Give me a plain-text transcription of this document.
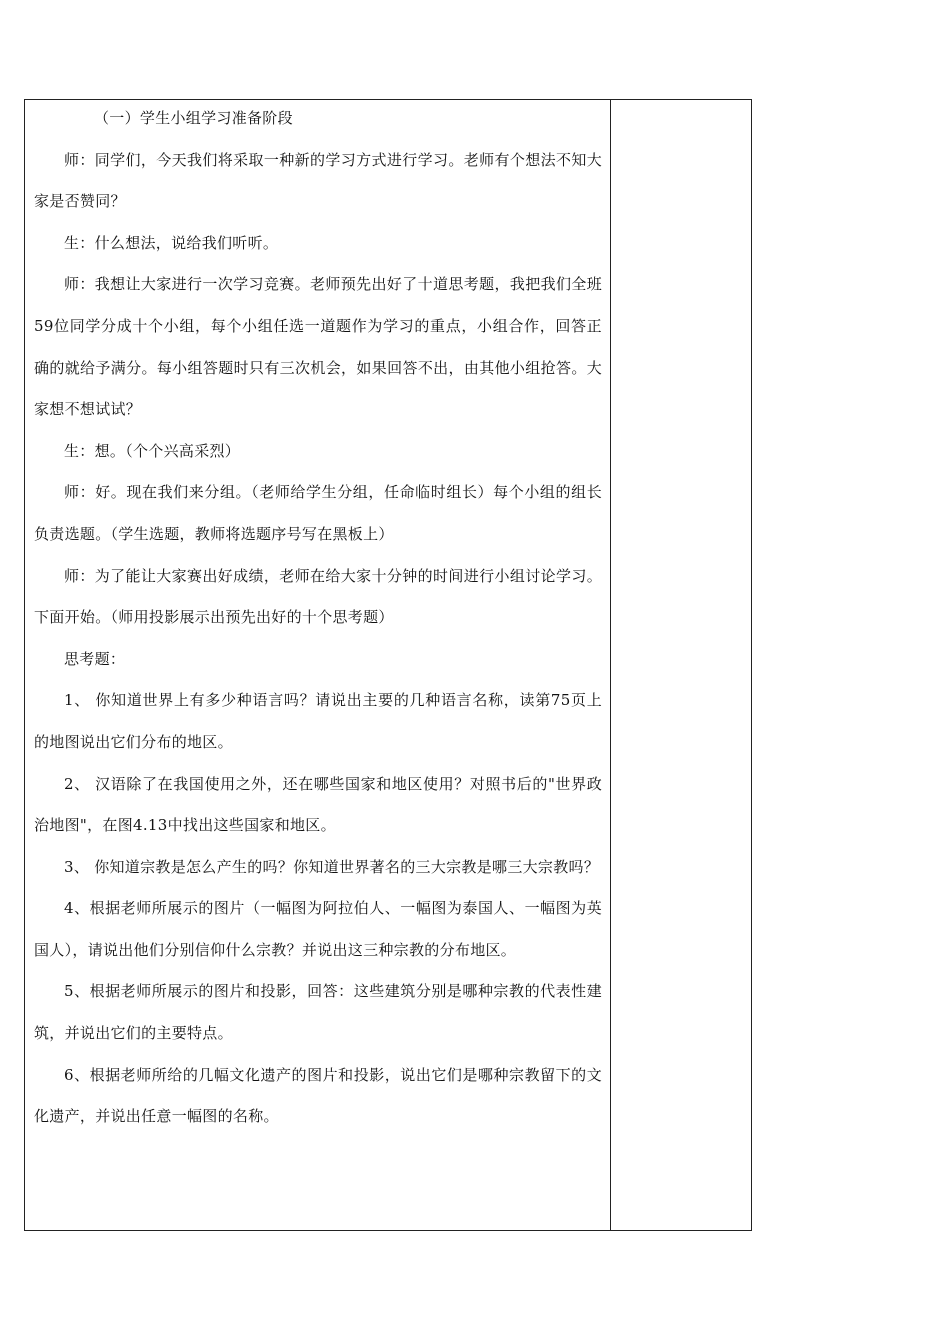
（一）学生小组学习准备阶段

师：同学们，今天我们将采取一种新的学习方式进行学习。老师有个想法不知大家是否赞同？

生：什么想法，说给我们听听。

师：我想让大家进行一次学习竞赛。老师预先出好了十道思考题，我把我们全班59位同学分成十个小组，每个小组任选一道题作为学习的重点，小组合作，回答正确的就给予满分。每小组答题时只有三次机会，如果回答不出，由其他小组抢答。大家想不想试试？

生：想。（个个兴高采烈）

师：好。现在我们来分组。（老师给学生分组，任命临时组长）每个小组的组长负责选题。（学生选题，教师将选题序号写在黑板上）

师：为了能让大家赛出好成绩，老师在给大家十分钟的时间进行小组讨论学习。下面开始。（师用投影展示出预先出好的十个思考题）

思考题：

1、 你知道世界上有多少种语言吗？请说出主要的几种语言名称，读第75页上的地图说出它们分布的地区。

2、 汉语除了在我国使用之外，还在哪些国家和地区使用？对照书后的"世界政治地图"，在图4.13中找出这些国家和地区。

3、 你知道宗教是怎么产生的吗？你知道世界著名的三大宗教是哪三大宗教吗？

4、根据老师所展示的图片（一幅图为阿拉伯人、一幅图为泰国人、一幅图为英国人），请说出他们分别信仰什么宗教？并说出这三种宗教的分布地区。

5、根据老师所展示的图片和投影，回答：这些建筑分别是哪种宗教的代表性建筑，并说出它们的主要特点。

6、根据老师所给的几幅文化遗产的图片和投影，说出它们是哪种宗教留下的文化遗产，并说出任意一幅图的名称。
